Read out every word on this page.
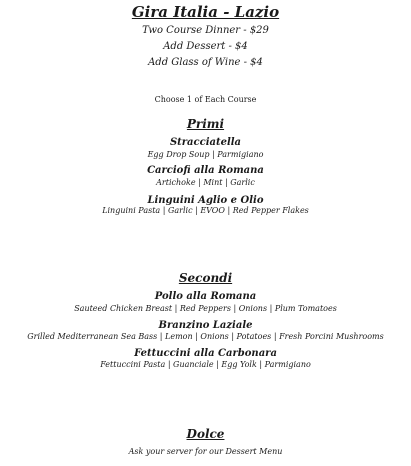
Gira Italia - Lazio
Two Course Dinner - $29
Add Dessert - $4
Add Glass of Wine - $4
Choose 1 of Each Course
Primi
Stracciatella
Egg Drop Soup | Parmigiano
Carciofi alla Romana
Artichoke | Mint | Garlic
Linguini Aglio e Olio
Linguini Pasta | Garlic | EVOO | Red Pepper Flakes
Secondi
Pollo alla Romana
Sauteed Chicken Breast | Red Peppers | Onions | Plum Tomatoes
Branzino Laziale
Grilled Mediterranean Sea Bass | Lemon | Onions | Potatoes | Fresh Porcini Mushrooms
Fettuccini alla Carbonara
Fettuccini Pasta | Guanciale | Egg Yolk | Parmigiano
Dolce
Ask your server for our Dessert Menu
